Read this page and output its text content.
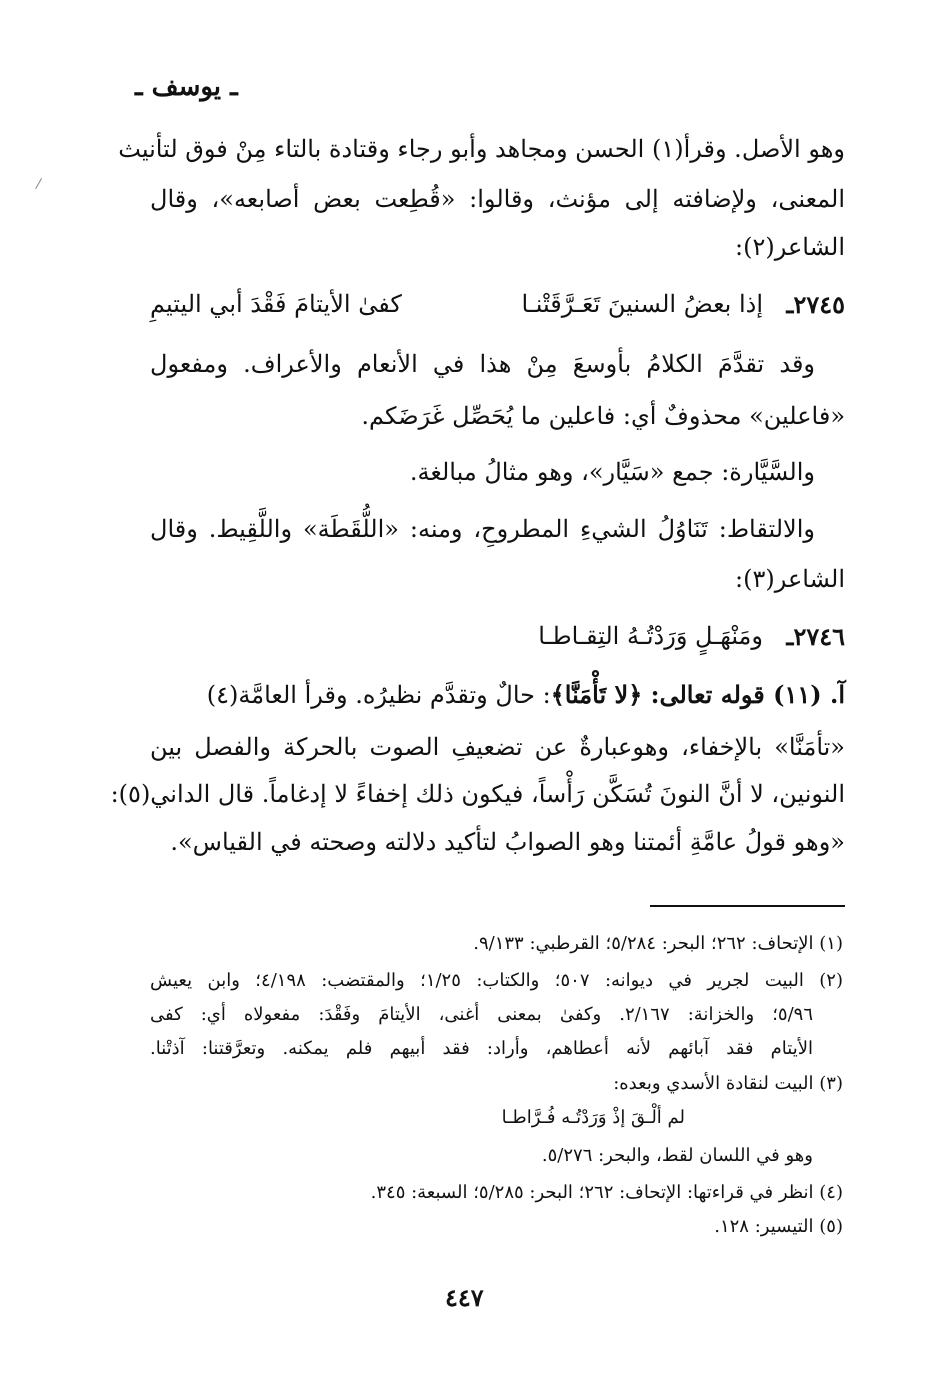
ـ يوسف ـ
وهو الأصل. وقرأ(١) الحسن ومجاهد وأبو رجاء وقتادة بالتاء مِنْ فوق لتأنيث
المعنى، ولإضافته إلى مؤنث، وقالوا: «قُطِعت بعض أصابعه»، وقال
الشاعر(٢):
٢٧٤٥ـ
إذا بعضُ السنينَ تَعَـرَّقَتْنـا
كفىٰ الأيتامَ فَقْدَ أبي اليتيمِ
وقد تقدَّمَ الكلامُ بأوسعَ مِنْ هذا في الأنعام والأعراف. ومفعول
«فاعلين» محذوفٌ أي: فاعلين ما يُحَصِّل غَرَضَكم.
والسَّيَّارة: جمع «سَيَّار»، وهو مثالُ مبالغة.
والالتقاط: تَنَاوُلُ الشيءِ المطروحِ، ومنه: «اللُّقَطَة» واللَّقِيط. وقال
الشاعر(٣):
٢٧٤٦ـ
ومَنْهَـلٍ وَرَدْتُـهُ التِقـاطـا
آ. (١١) قوله تعالى: ﴿لا تَأْمَنَّا﴾: حالٌ وتقدَّم نظيرُه. وقرأ العامَّة(٤)
«تأمَنَّا» بالإخفاء، وهوعبارةٌ عن تضعيفِ الصوت بالحركة والفصل بين
النونين، لا أنَّ النونَ تُسَكَّن رَأْساً، فيكون ذلك إخفاءً لا إدغاماً. قال الداني(٥):
«وهو قولُ عامَّةِ أئمتنا وهو الصوابُ لتأكيد دلالته وصحته في القياس».
(١) الإتحاف: ٢٦٢؛ البحر: ٥/٢٨٤؛ القرطبي: ٩/١٣٣.
(٢) البيت لجرير في ديوانه: ٥٠٧؛ والكتاب: ١/٢٥؛ والمقتضب: ٤/١٩٨؛ وابن يعيش
٥/٩٦؛ والخزانة: ٢/١٦٧. وكفىٰ بمعنى أغنى، الأيتامَ وفَقْدَ: مفعولاه أي: كفى
الأيتام فقد آبائهم لأنه أعطاهم، وأراد: فقد أبيهم فلم يمكنه. وتعرَّقتنا: آذتْنا.
(٣) البيت لنقادة الأسدي وبعده:
لم ألْـقَ إذْ وَرَدْتُـه فُـرَّاطـا
وهو في اللسان لقط، والبحر: ٥/٢٧٦.
(٤) انظر في قراءتها: الإتحاف: ٢٦٢؛ البحر: ٥/٢٨٥؛ السبعة: ٣٤٥.
(٥) التيسير: ١٢٨.
٤٤٧
